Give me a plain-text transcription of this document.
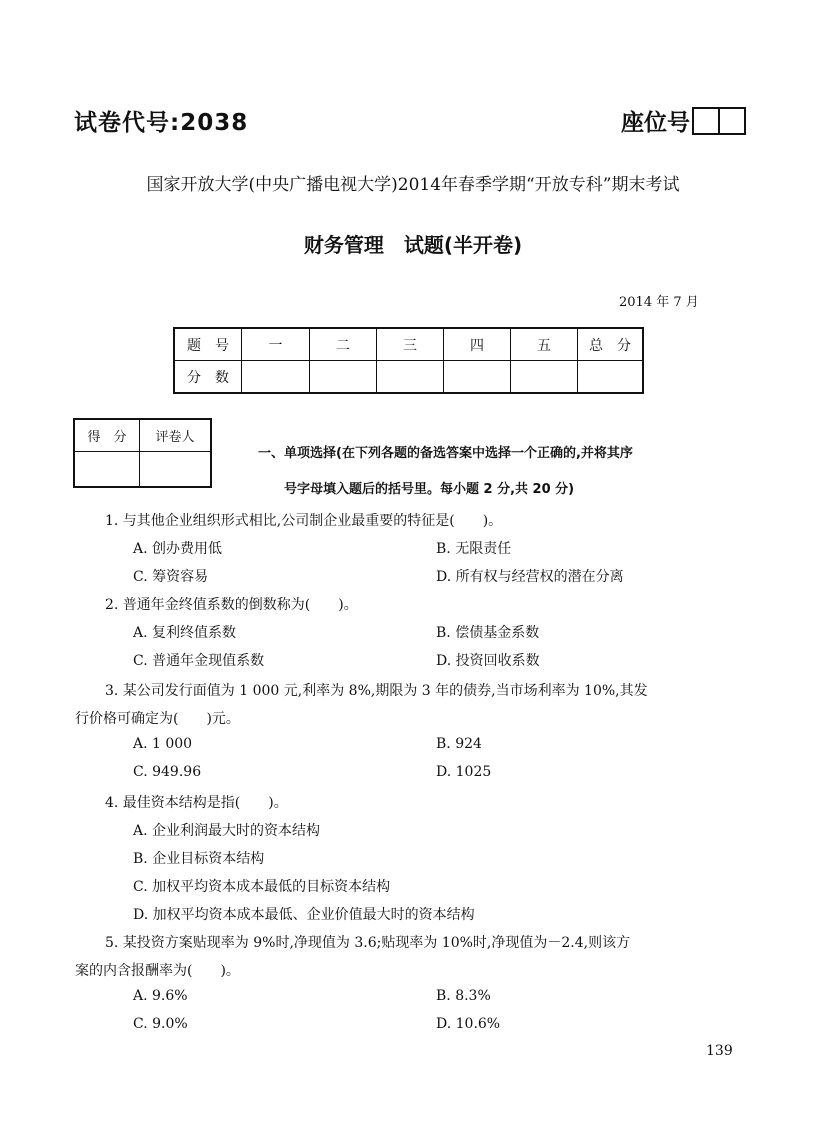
试卷代号:2038	座位号
国家开放大学(中央广播电视大学)2014年春季学期“开放专科”期末考试
财务管理　试题(半开卷)
2014 年 7 月
题　号	一	二	三	四	五	总　分
分　数						
得　分	评卷人

一、单项选择(在下列各题的备选答案中选择一个正确的,并将其序
号字母填入题后的括号里。每小题 2 分,共 20 分)
1. 与其他企业组织形式相比,公司制企业最重要的特征是(　　)。
A. 创办费用低	B. 无限责任
C. 筹资容易	D. 所有权与经营权的潜在分离
2. 普通年金终值系数的倒数称为(　　)。
A. 复利终值系数	B. 偿债基金系数
C. 普通年金现值系数	D. 投资回收系数
3. 某公司发行面值为 1 000 元,利率为 8%,期限为 3 年的债券,当市场利率为 10%,其发
行价格可确定为(　　)元。
A. 1 000	B. 924
C. 949.96	D. 1025
4. 最佳资本结构是指(　　)。
A. 企业利润最大时的资本结构
B. 企业目标资本结构
C. 加权平均资本成本最低的目标资本结构
D. 加权平均资本成本最低、企业价值最大时的资本结构
5. 某投资方案贴现率为 9%时,净现值为 3.6;贴现率为 10%时,净现值为－2.4,则该方
案的内含报酬率为(　　)。
A. 9.6%	B. 8.3%
C. 9.0%	D. 10.6%
139
